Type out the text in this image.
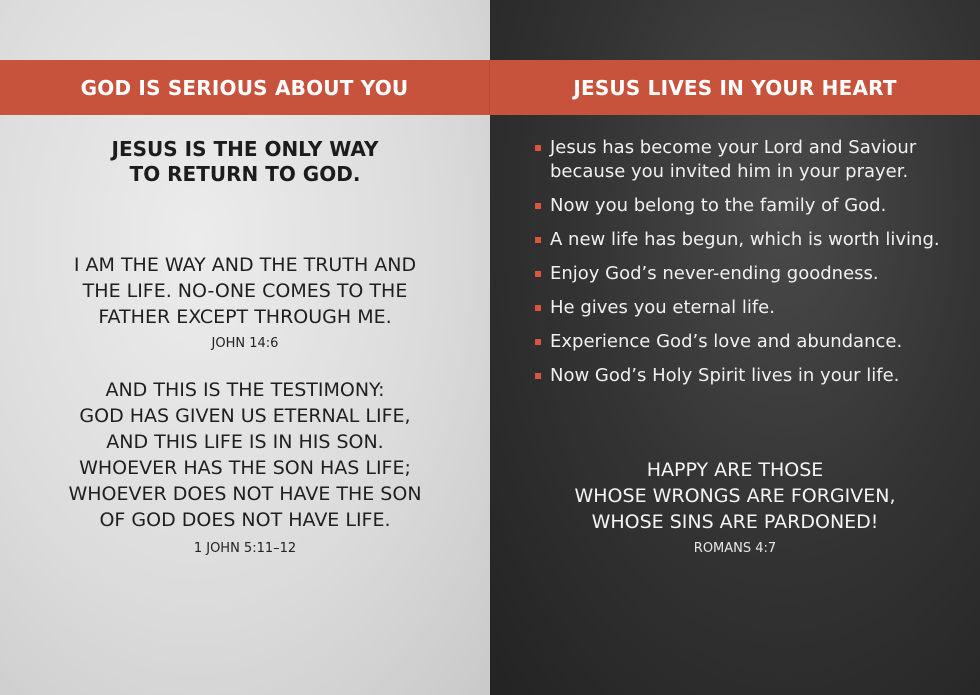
GOD IS SERIOUS ABOUT YOU
JESUS IS THE ONLY WAY
TO RETURN TO GOD.
I AM THE WAY AND THE TRUTH AND
THE LIFE. NO-ONE COMES TO THE
FATHER EXCEPT THROUGH ME.
JOHN 14:6
AND THIS IS THE TESTIMONY:
GOD HAS GIVEN US ETERNAL LIFE,
AND THIS LIFE IS IN HIS SON.
WHOEVER HAS THE SON HAS LIFE;
WHOEVER DOES NOT HAVE THE SON
OF GOD DOES NOT HAVE LIFE.
1 JOHN 5:11–12
JESUS LIVES IN YOUR HEART
Jesus has become your Lord and Saviour because you invited him in your prayer.
Now you belong to the family of God.
A new life has begun, which is worth living.
Enjoy God’s never-ending goodness.
He gives you eternal life.
Experience God’s love and abundance.
Now God’s Holy Spirit lives in your life.
HAPPY ARE THOSE
WHOSE WRONGS ARE FORGIVEN,
WHOSE SINS ARE PARDONED!
ROMANS 4:7
